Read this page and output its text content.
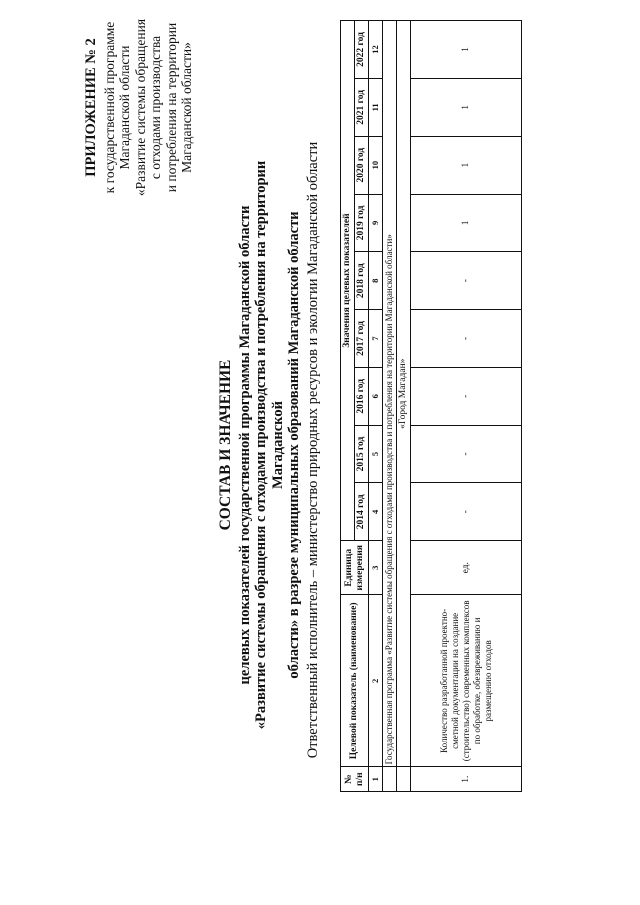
ПРИЛОЖЕНИЕ № 2 к государственной программе Магаданской области «Развитие системы обращения с отходами производства и потребления на территории Магаданской области»
СОСТАВ И ЗНАЧЕНИЕ целевых показателей государственной программы Магаданской области «Развитие системы обращения с отходами производства и потребления на территории Магаданской области» в разрезе муниципальных образований Магаданской области Ответственный исполнитель – министерство природных ресурсов и экологии Магаданской области
№ п/н	Целевой показатель (наименование)	Единица измерения	Значения целевых показателей								
			2014 год	2015 год	2016 год	2017 год	2018 год	2019 год	2020 год	2021 год	2022 год
1	2	3	4	5	6	7	8	9	10	11	12
	Государственная программа «Развитие системы обращения с отходами производства и потребления на территории Магаданской области»										
	«Город Магадан»										
1.	Количество разработанной проектно-сметной документации на создание (строительство) современных комплексов по обработке, обезвреживанию и размещению отходов	ед.	-	-	-	-	-	1	1	1	1
